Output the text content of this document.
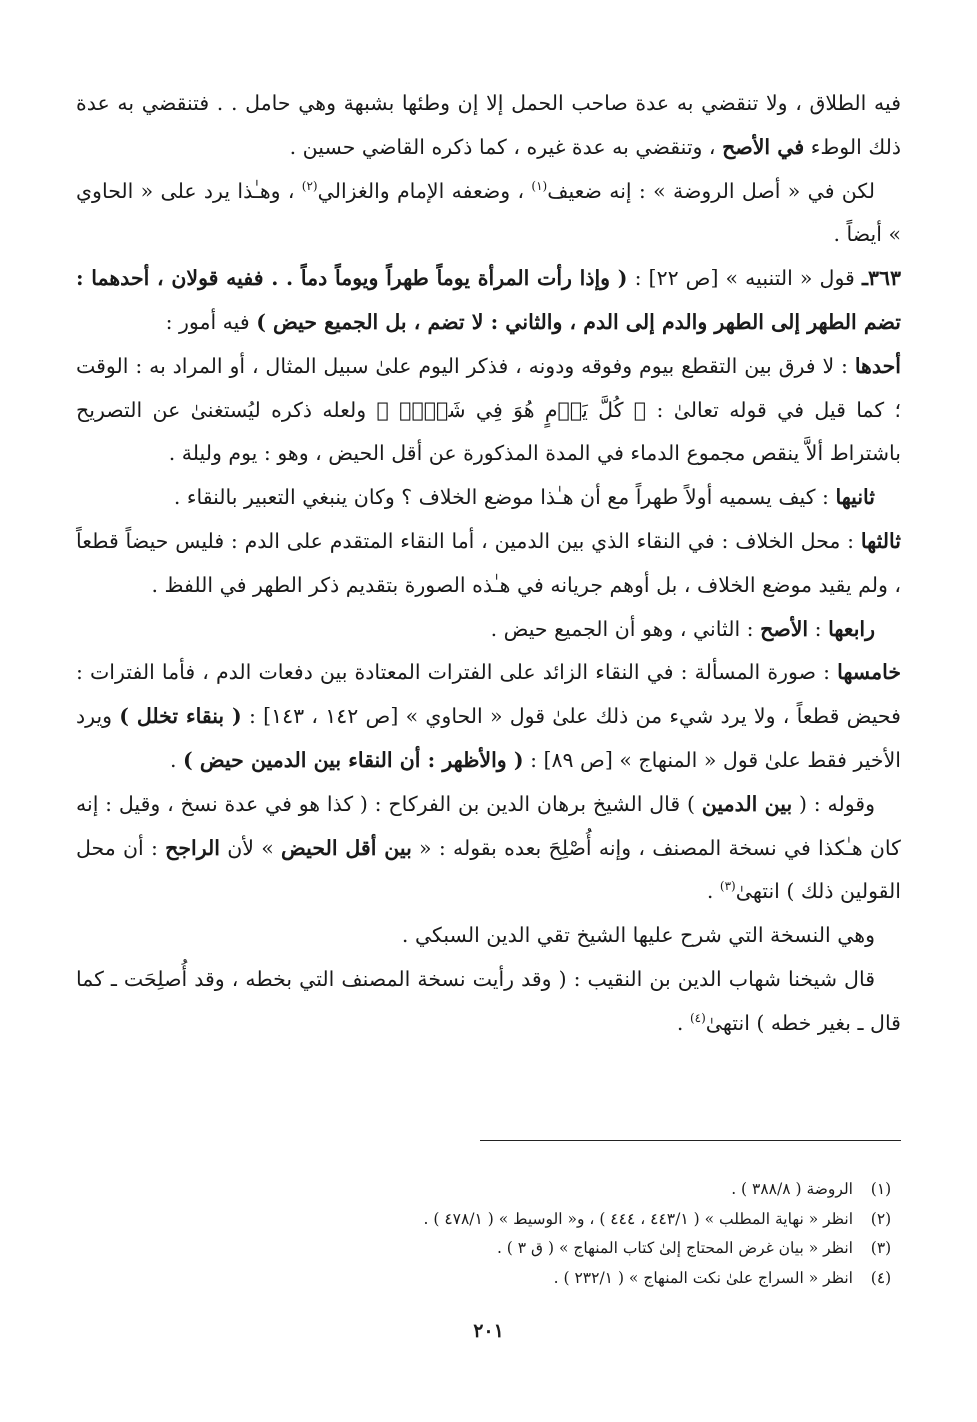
فيه الطلاق ، ولا تنقضي به عدة صاحب الحمل إلا إن وطئها بشبهة وهي حامل . . فتنقضي به عدة ذلك الوطء في الأصح ، وتنقضي به عدة غيره ، كما ذكره القاضي حسين .

لكن في « أصل الروضة » : إنه ضعيف$^{(١)}$ ، وضعفه الإمام والغزالي$^{(٢)}$ ، وهـٰذا يرد على « الحاوي » أيضاً .

٣٦٣ـ قول « التنبيه » [ص ٢٢] : ( وإذا رأت المرأة يوماً طهراً ويوماً دماً . . ففيه قولان ، أحدهما : تضم الطهر إلى الطهر والدم إلى الدم ، والثاني : لا تضم ، بل الجميع حيض ) فيه أمور :

أحدها : لا فرق بين التقطع بيوم وفوقه ودونه ، فذكر اليوم علىٰ سبيل المثال ، أو المراد به : الوقت ؛ كما قيل في قوله تعالىٰ : ﴿ كُلَّ يَوۡمٍ هُوَ فِي شَأۡنٖ ﴾ ولعله ذكره ليُستغنىٰ عن التصريح باشتراط ألاَّ ينقص مجموع الدماء في المدة المذكورة عن أقل الحيض ، وهو : يوم وليلة .

ثانيها : كيف يسميه أولاً طهراً مع أن هـٰذا موضع الخلاف ؟ وكان ينبغي التعبير بالنقاء .

ثالثها : محل الخلاف : في النقاء الذي بين الدمين ، أما النقاء المتقدم على الدم : فليس حيضاً قطعاً ، ولم يقيد موضع الخلاف ، بل أوهم جريانه في هـٰذه الصورة بتقديم ذكر الطهر في اللفظ .

رابعها : الأصح : الثاني ، وهو أن الجميع حيض .

خامسها : صورة المسألة : في النقاء الزائد على الفترات المعتادة بين دفعات الدم ، فأما الفترات : فحيض قطعاً ، ولا يرد شيء من ذلك علىٰ قول « الحاوي » [ص ١٤٢ ، ١٤٣] : ( بنقاء تخلل ) ويرد الأخير فقط علىٰ قول « المنهاج » [ص ٨٩] : ( والأظهر : أن النقاء بين الدمين حيض ) .

وقوله : ( بين الدمين ) قال الشيخ برهان الدين بن الفركاح : ( كذا هو في عدة نسخ ، وقيل : إنه كان هـٰكذا في نسخة المصنف ، وإنه أُصْلِحَ بعده بقوله : « بين أقل الحيض » لأن الراجح : أن محل القولين ذلك ) انتهىٰ$^{(٣)}$ .

وهي النسخة التي شرح عليها الشيخ تقي الدين السبكي .

قال شيخنا شهاب الدين بن النقيب : ( وقد رأيت نسخة المصنف التي بخطه ، وقد أُصلِحَت ـ كما قال ـ بغير خطه ) انتهىٰ$^{(٤)}$ .

(١)
الروضة ( ٣٨٨/٨ ) .
(٢)
انظر « نهاية المطلب » ( ٤٤٣/١ ، ٤٤٤ ) ، و« الوسيط » ( ٤٧٨/١ ) .
(٣)
انظر « بيان غرض المحتاج إلىٰ كتاب المنهاج » ( ق ٣ ) .
(٤)
انظر « السراج علىٰ نكت المنهاج » ( ٢٣٢/١ ) .
٢٠١
